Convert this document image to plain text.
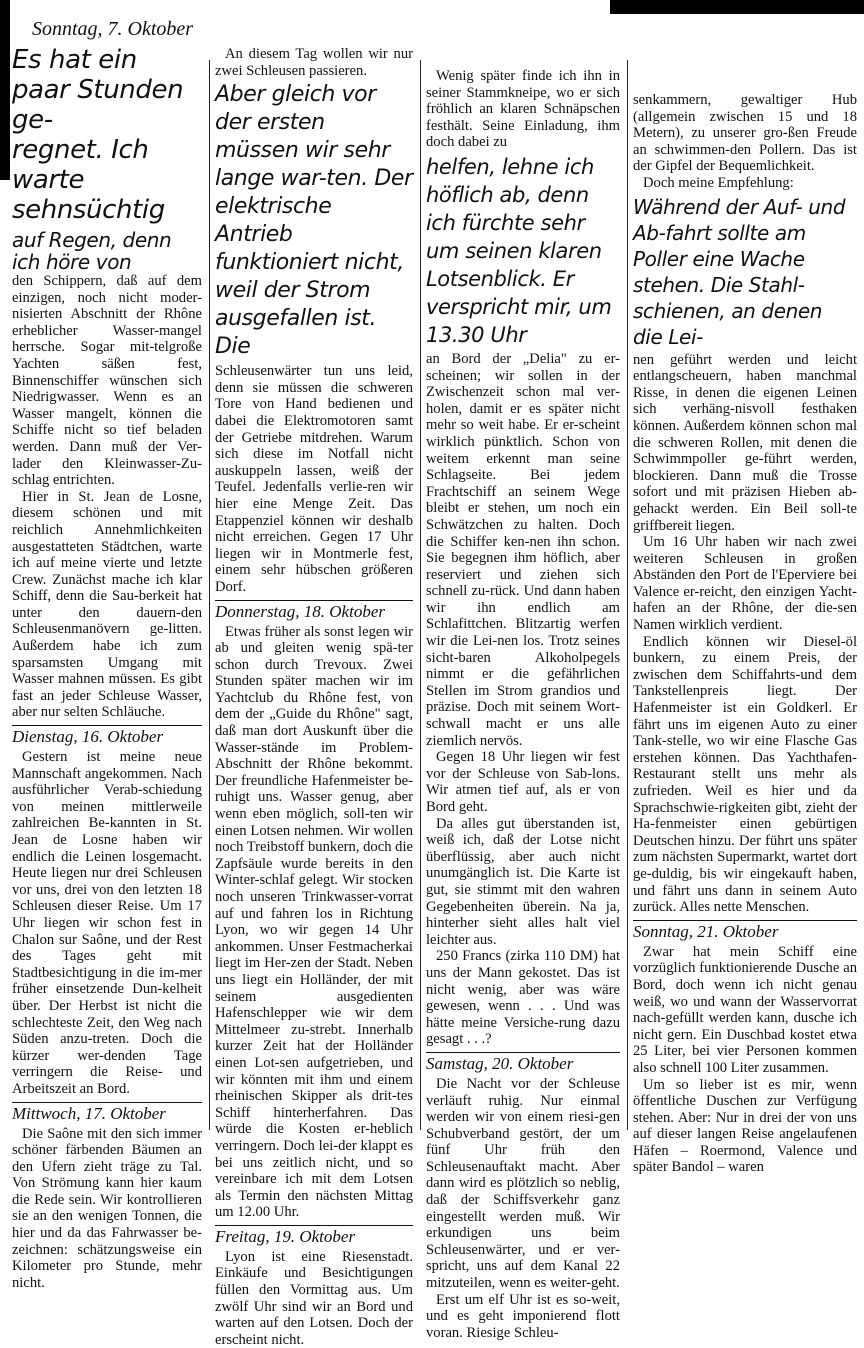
Sonntag, 7. Oktober
Es hat ein paar Stunden ge-
regnet. Ich warte sehnsüchtig
auf Regen, denn ich höre von

den Schippern, daß auf dem einzigen, noch nicht moder-nisierten Abschnitt der Rhône erheblicher Wasser-mangel herrsche. Sogar mit-telgroße Yachten säßen fest, Binnenschiffer wünschen sich Niedrigwasser. Wenn es an Wasser mangelt, können die Schiffe nicht so tief beladen werden. Dann muß der Ver-lader den Kleinwasser-Zu-schlag entrichten.

Hier in St. Jean de Losne, diesem schönen und mit reichlich Annehmlichkeiten ausgestatteten Städtchen, warte ich auf meine vierte und letzte Crew. Zunächst mache ich klar Schiff, denn die Sau-berkeit hat unter den dauern-den Schleusenmanövern ge-litten. Außerdem habe ich zum sparsamsten Umgang mit Wasser mahnen müssen. Es gibt fast an jeder Schleuse Wasser, aber nur selten Schläuche.

Dienstag, 16. Oktober

Gestern ist meine neue Mannschaft angekommen. Nach ausführlicher Verab-schiedung von meinen mittlerweile zahlreichen Be-kannten in St. Jean de Losne haben wir endlich die Leinen losgemacht. Heute liegen nur drei Schleusen vor uns, drei von den letzten 18 Schleusen dieser Reise. Um 17 Uhr liegen wir schon fest in Chalon sur Saône, und der Rest des Tages geht mit Stadtbesichtigung in die im-mer früher einsetzende Dun-kelheit über. Der Herbst ist nicht die schlechteste Zeit, den Weg nach Süden anzu-treten. Doch die kürzer wer-denden Tage verringern die Reise- und Arbeitszeit an Bord.

Mittwoch, 17. Oktober

Die Saône mit den sich immer schöner färbenden Bäumen an den Ufern zieht träge zu Tal. Von Strömung kann hier kaum die Rede sein. Wir kontrollieren sie an den wenigen Tonnen, die hier und da das Fahrwasser be-zeichnen: schätzungsweise ein Kilometer pro Stunde, mehr nicht.

An diesem Tag wollen wir nur zwei Schleusen passieren.

Aber gleich vor der ersten müssen wir sehr lange war-ten. Der elektrische Antrieb funktioniert nicht, weil der Strom ausgefallen ist. Die

Schleusenwärter tun uns leid, denn sie müssen die schweren Tore von Hand bedienen und dabei die Elektromotoren samt der Getriebe mitdrehen. Warum sich diese im Notfall nicht auskuppeln lassen, weiß der Teufel. Jedenfalls verlie-ren wir hier eine Menge Zeit. Das Etappenziel können wir deshalb nicht erreichen. Gegen 17 Uhr liegen wir in Montmerle fest, einem sehr hübschen größeren Dorf.

Donnerstag, 18. Oktober

Etwas früher als sonst legen wir ab und gleiten wenig spä-ter schon durch Trevoux. Zwei Stunden später machen wir im Yachtclub du Rhône fest, von dem der „Guide du Rhône" sagt, daß man dort Auskunft über die Wasser-stände im Problem-Abschnitt der Rhône bekommt. Der freundliche Hafenmeister be-ruhigt uns. Wasser genug, aber wenn eben möglich, soll-ten wir einen Lotsen nehmen. Wir wollen noch Treibstoff bunkern, doch die Zapfsäule wurde bereits in den Winter-schlaf gelegt. Wir stocken noch unseren Trinkwasser-vorrat auf und fahren los in Richtung Lyon, wo wir gegen 14 Uhr ankommen. Unser Festmacherkai liegt im Her-zen der Stadt. Neben uns liegt ein Holländer, der mit seinem ausgedienten Hafenschlepper wie wir dem Mittelmeer zu-strebt. Innerhalb kurzer Zeit hat der Holländer einen Lot-sen aufgetrieben, und wir könnten mit ihm und einem rheinischen Skipper als drit-tes Schiff hinterherfahren. Das würde die Kosten er-heblich verringern. Doch lei-der klappt es bei uns zeitlich nicht, und so vereinbare ich mit dem Lotsen als Termin den nächsten Mittag um 12.00 Uhr.

Freitag, 19. Oktober

Lyon ist eine Riesenstadt. Einkäufe und Besichtigungen füllen den Vormittag aus. Um zwölf Uhr sind wir an Bord und warten auf den Lotsen. Doch der erscheint nicht.

Wenig später finde ich ihn in seiner Stammkneipe, wo er sich fröhlich an klaren Schnäpschen festhält. Seine Einladung, ihm doch dabei zu

helfen, lehne ich höflich ab, denn ich fürchte sehr um seinen klaren Lotsenblick. Er verspricht mir, um 13.30 Uhr

an Bord der „Delia" zu er-scheinen; wir sollen in der Zwischenzeit schon mal ver-holen, damit er es später nicht mehr so weit habe. Er er-scheint wirklich pünktlich. Schon von weitem erkennt man seine Schlagseite. Bei jedem Frachtschiff an seinem Wege bleibt er stehen, um noch ein Schwätzchen zu halten. Doch die Schiffer ken-nen ihn schon. Sie begegnen ihm höflich, aber reserviert und ziehen sich schnell zu-rück. Und dann haben wir ihn endlich am Schlafittchen. Blitzartig werfen wir die Lei-nen los. Trotz seines sicht-baren Alkoholpegels nimmt er die gefährlichen Stellen im Strom grandios und präzise. Doch mit seinem Wort-schwall macht er uns alle ziemlich nervös.

Gegen 18 Uhr liegen wir fest vor der Schleuse von Sab-lons. Wir atmen tief auf, als er von Bord geht.

Da alles gut überstanden ist, weiß ich, daß der Lotse nicht überflüssig, aber auch nicht unumgänglich ist. Die Karte ist gut, sie stimmt mit den wahren Gegebenheiten überein. Na ja, hinterher sieht alles halt viel leichter aus.

250 Francs (zirka 110 DM) hat uns der Mann gekostet. Das ist nicht wenig, aber was wäre gewesen, wenn . . . Und was hätte meine Versiche-rung dazu gesagt . . .?

Samstag, 20. Oktober

Die Nacht vor der Schleuse verläuft ruhig. Nur einmal werden wir von einem riesi-gen Schubverband gestört, der um fünf Uhr früh den Schleusenauftakt macht. Aber dann wird es plötzlich so neblig, daß der Schiffsverkehr ganz eingestellt werden muß. Wir erkundigen uns beim Schleusenwärter, und er ver-spricht, uns auf dem Kanal 22 mitzuteilen, wenn es weiter-geht.

Erst um elf Uhr ist es so-weit, und es geht imponierend flott voran. Riesige Schleu-

senkammern, gewaltiger Hub (allgemein zwischen 15 und 18 Metern), zu unserer gro-ßen Freude an schwimmen-den Pollern. Das ist der Gipfel der Bequemlichkeit.

Doch meine Empfehlung:

Während der Auf- und Ab-fahrt sollte am Poller eine Wache stehen. Die Stahl-schienen, an denen die Lei-

nen geführt werden und leicht entlangscheuern, haben manchmal Risse, in denen die eigenen Leinen sich verhäng-nisvoll festhaken können. Außerdem können schon mal die schweren Rollen, mit denen die Schwimmpoller ge-führt werden, blockieren. Dann muß die Trosse sofort und mit präzisen Hieben ab-gehackt werden. Ein Beil soll-te griffbereit liegen.

Um 16 Uhr haben wir nach zwei weiteren Schleusen in großen Abständen den Port de l'Eperviere bei Valence er-reicht, den einzigen Yacht-hafen an der Rhône, der die-sen Namen wirklich verdient.

Endlich können wir Diesel-öl bunkern, zu einem Preis, der zwischen dem Schiffahrts-und dem Tankstellenpreis liegt. Der Hafenmeister ist ein Goldkerl. Er fährt uns im eigenen Auto zu einer Tank-stelle, wo wir eine Flasche Gas erstehen können. Das Yachthafen-Restaurant stellt uns mehr als zufrieden. Weil es hier und da Sprachschwie-rigkeiten gibt, zieht der Ha-fenmeister einen gebürtigen Deutschen hinzu. Der führt uns später zum nächsten Supermarkt, wartet dort ge-duldig, bis wir eingekauft haben, und fährt uns dann in seinem Auto zurück. Alles nette Menschen.

Sonntag, 21. Oktober

Zwar hat mein Schiff eine vorzüglich funktionierende Dusche an Bord, doch wenn ich nicht genau weiß, wo und wann der Wasservorrat nach-gefüllt werden kann, dusche ich nicht gern. Ein Duschbad kostet etwa 25 Liter, bei vier Personen kommen also schnell 100 Liter zusammen.

Um so lieber ist es mir, wenn öffentliche Duschen zur Verfügung stehen. Aber: Nur in drei der von uns auf dieser langen Reise angelaufenen Häfen – Roermond, Valence und später Bandol – waren
